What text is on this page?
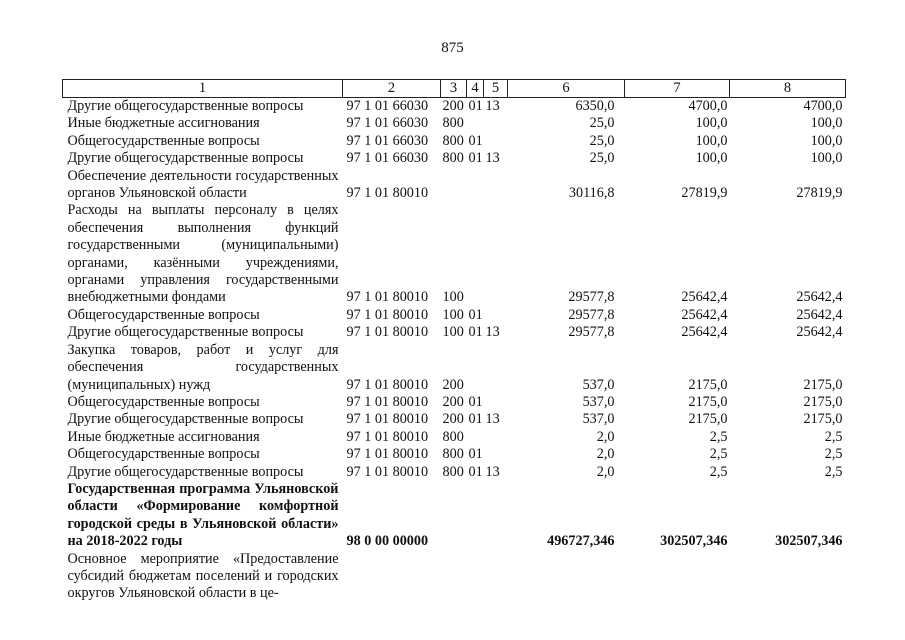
875
1	2	3	4	5	6	7	8
Другие общегосударственные вопросы	97 1 01 66030	200	01	13	6350,0	4700,0	4700,0
Иные бюджетные ассигнования	97 1 01 66030	800			25,0	100,0	100,0
Общегосударственные вопросы	97 1 01 66030	800	01		25,0	100,0	100,0
Другие общегосударственные вопросы	97 1 01 66030	800	01	13	25,0	100,0	100,0
Обеспечение деятельности государственных органов Ульяновской области	97 1 01 80010				30116,8	27819,9	27819,9
Расходы на выплаты персоналу в целях обеспечения выполнения функций государственными (муниципальными) органами, казёнными учреждениями, органами управления государственными внебюджетными фондами	97 1 01 80010	100			29577,8	25642,4	25642,4
Общегосударственные вопросы	97 1 01 80010	100	01		29577,8	25642,4	25642,4
Другие общегосударственные вопросы	97 1 01 80010	100	01	13	29577,8	25642,4	25642,4
Закупка товаров, работ и услуг для обеспечения государственных (муниципальных) нужд	97 1 01 80010	200			537,0	2175,0	2175,0
Общегосударственные вопросы	97 1 01 80010	200	01		537,0	2175,0	2175,0
Другие общегосударственные вопросы	97 1 01 80010	200	01	13	537,0	2175,0	2175,0
Иные бюджетные ассигнования	97 1 01 80010	800			2,0	2,5	2,5
Общегосударственные вопросы	97 1 01 80010	800	01		2,0	2,5	2,5
Другие общегосударственные вопросы	97 1 01 80010	800	01	13	2,0	2,5	2,5
Государственная программа Ульяновской области «Формирование комфортной городской среды в Ульяновской области» на 2018-2022 годы	98 0 00 00000				496727,346	302507,346	302507,346
Основное мероприятие «Предоставление субсидий бюджетам поселений и городских округов Ульяновской области в це-							
